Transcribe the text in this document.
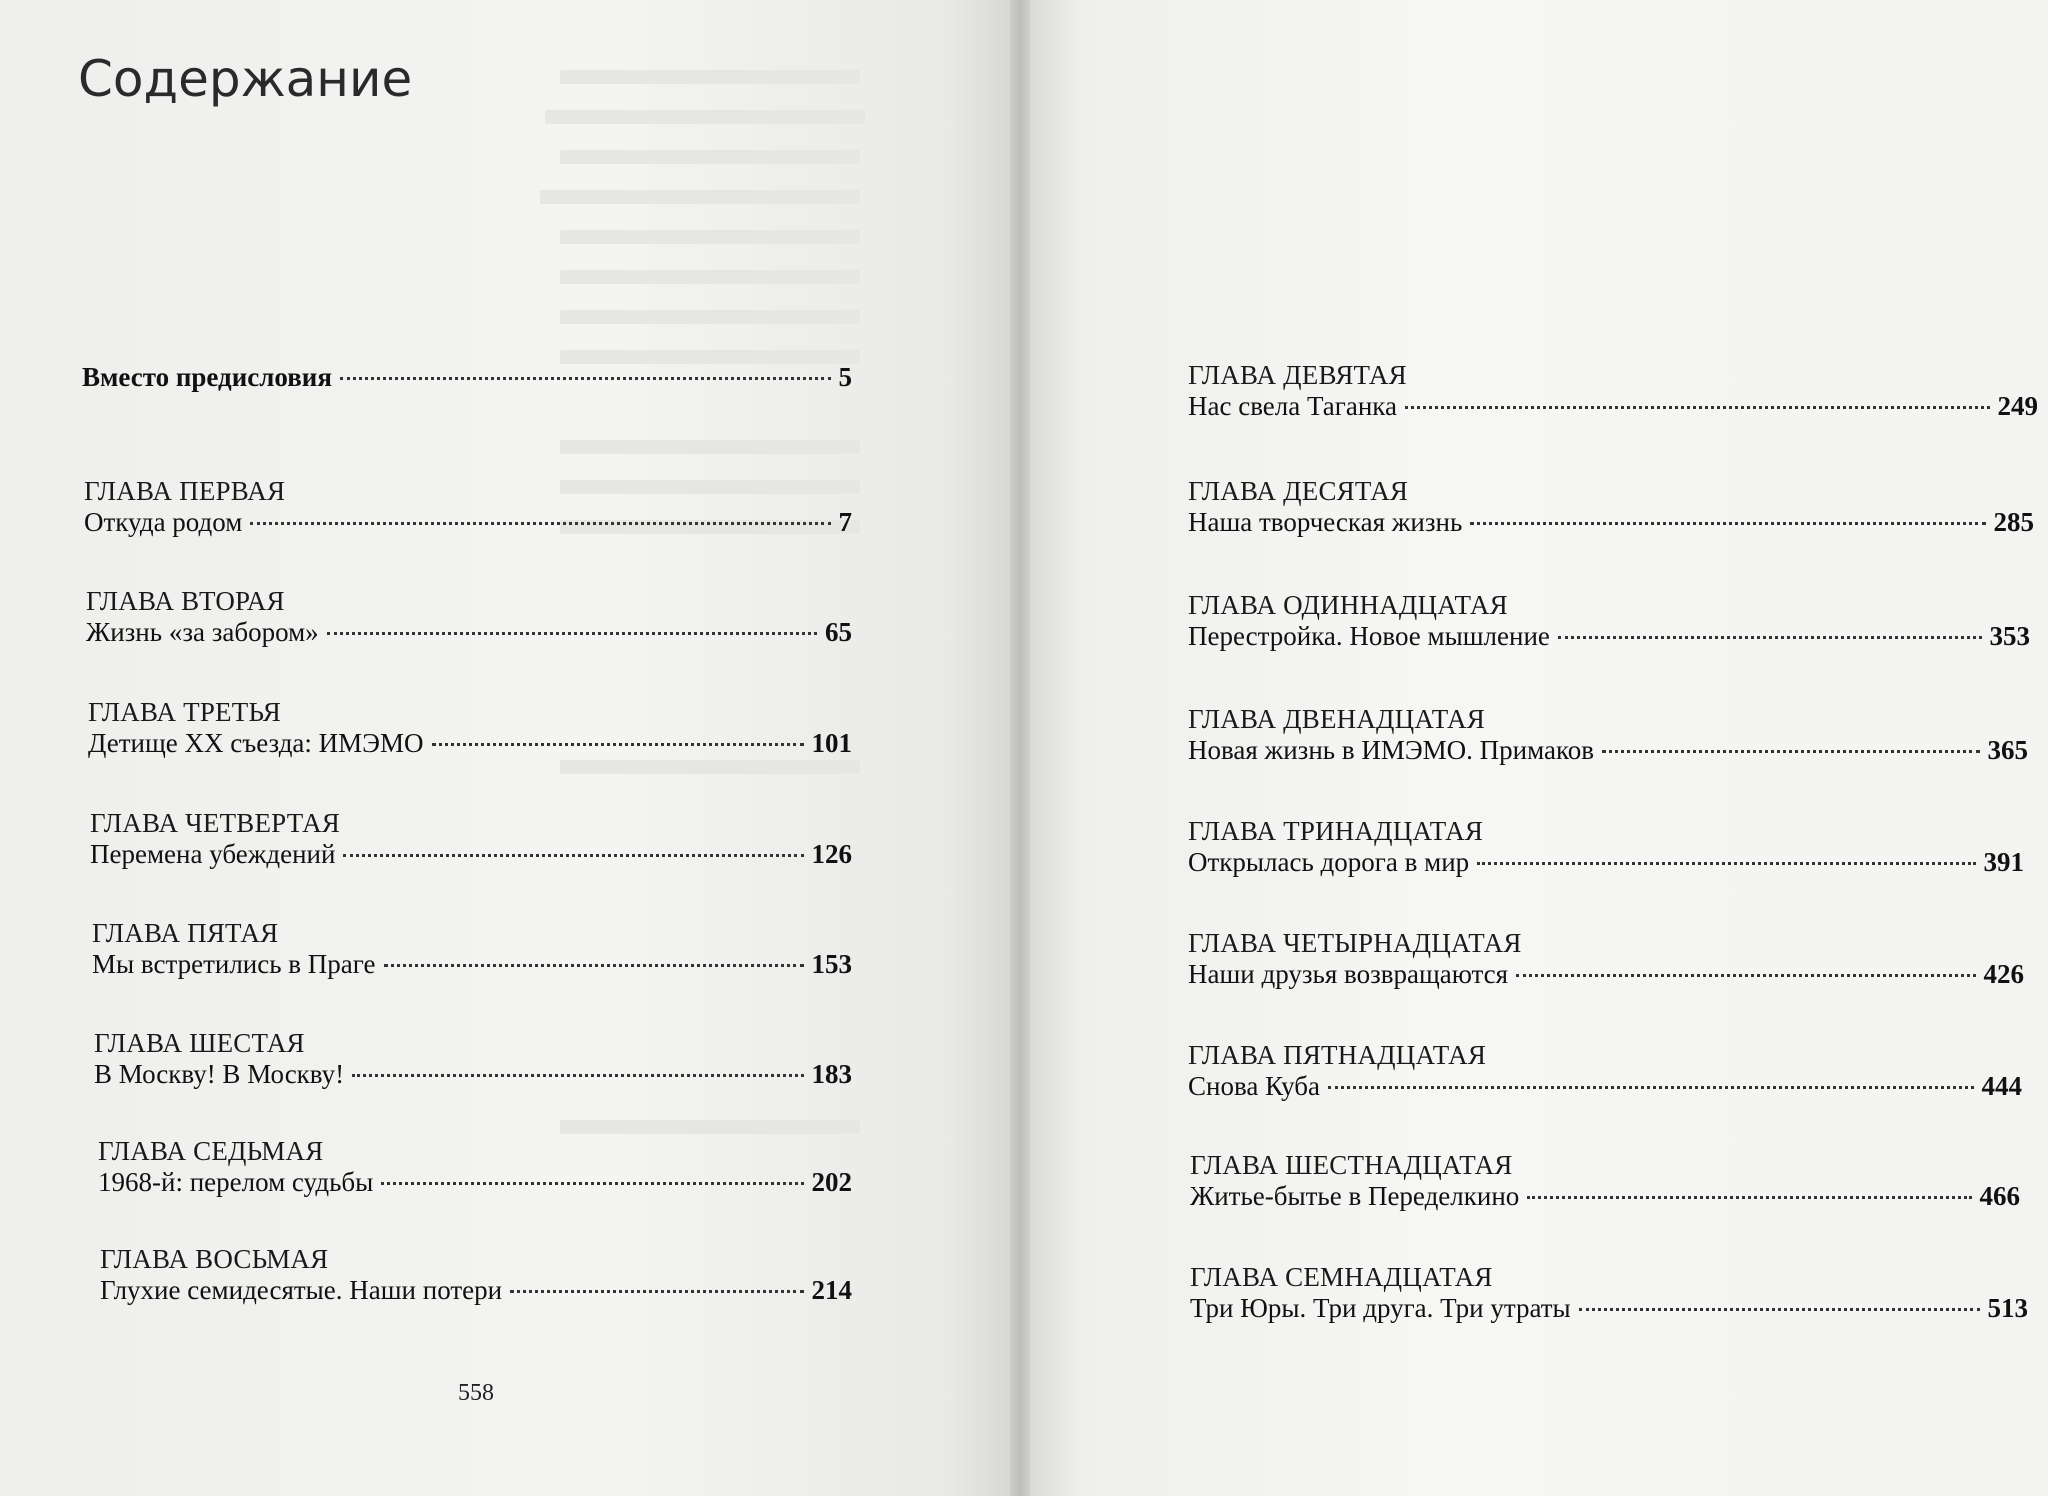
Содержание
Вместо предисловия	5
ГЛАВА ПЕРВАЯ
Откуда родом	7
ГЛАВА ВТОРАЯ
Жизнь «за забором»	65
ГЛАВА ТРЕТЬЯ
Детище ХХ съезда: ИМЭМО	101
ГЛАВА ЧЕТВЕРТАЯ
Перемена убеждений	126
ГЛАВА ПЯТАЯ
Мы встретились в Праге	153
ГЛАВА ШЕСТАЯ
В Москву! В Москву!	183
ГЛАВА СЕДЬМАЯ
1968-й: перелом судьбы	202
ГЛАВА ВОСЬМАЯ
Глухие семидесятые. Наши потери	214
558
ГЛАВА ДЕВЯТАЯ
Нас свела Таганка	249
ГЛАВА ДЕСЯТАЯ
Наша творческая жизнь	285
ГЛАВА ОДИННАДЦАТАЯ
Перестройка. Новое мышление	353
ГЛАВА ДВЕНАДЦАТАЯ
Новая жизнь в ИМЭМО. Примаков	365
ГЛАВА ТРИНАДЦАТАЯ
Открылась дорога в мир	391
ГЛАВА ЧЕТЫРНАДЦАТАЯ
Наши друзья возвращаются	426
ГЛАВА ПЯТНАДЦАТАЯ
Снова Куба	444
ГЛАВА ШЕСТНАДЦАТАЯ
Житье-бытье в Переделкино	466
ГЛАВА СЕМНАДЦАТАЯ
Три Юры. Три друга. Три утраты	513
